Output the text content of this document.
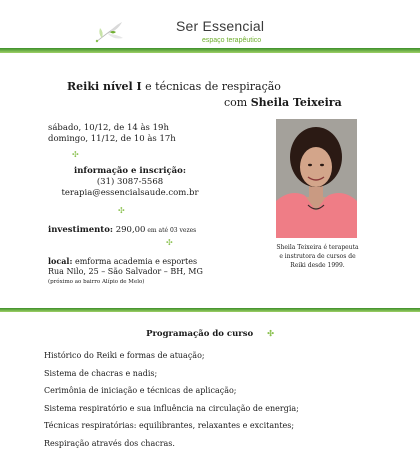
Ser Essencial
espaço terapêutico
Reiki nível I e técnicas de respiração
com Sheila Teixeira
sábado, 10/12, de 14 às 19h
domingo, 11/12, de 10 às 17h
✣
informação e inscrição:
(31) 3087-5568
terapia@essencialsaude.com.br
✣
investimento: 290,00 em até 03 vezes
✣
local: emforma academia e esportes
Rua Nilo, 25 – São Salvador – BH, MG
(próximo ao bairro Alípio de Melo)
Sheila Teixeira é terapeuta
e instrutora de cursos de
Reiki desde 1999.
Programação do curso ✣
Histórico do Reiki e formas de atuação;
Sistema de chacras e nadis;
Cerimônia de iniciação e técnicas de aplicação;
Sistema respiratório e sua influência na circulação de energia;
Técnicas respiratórias: equilibrantes, relaxantes e excitantes;
Respiração através dos chacras.
